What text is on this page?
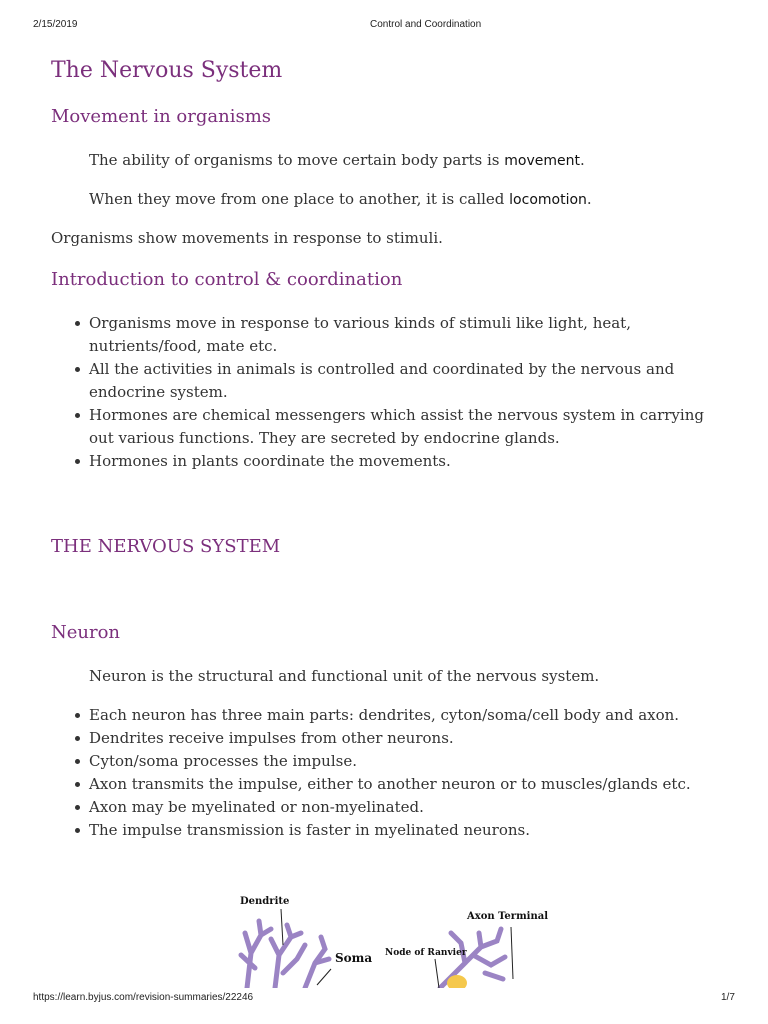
2/15/2019	Control and Coordination
The Nervous System
Movement in organisms

The ability of organisms to move certain body parts is movement.

When they move from one place to another, it is called locomotion.

Organisms show movements in response to stimuli.

Introduction to control & coordination
Organisms move in response to various kinds of stimuli like light, heat, nutrients/food, mate etc.
All the activities in animals is controlled and coordinated by the nervous and endocrine system.
Hormones are chemical messengers which assist the nervous system in carrying out various functions. They are secreted by endocrine glands.
Hormones in plants coordinate the movements.
THE NERVOUS SYSTEM
Neuron

Neuron is the structural and functional unit of the nervous system.

Each neuron has three main parts: dendrites, cyton/soma/cell body and axon.
Dendrites receive impulses from other neurons.
Cyton/soma processes the impulse.
Axon transmits the impulse, either to another neuron or to muscles/glands etc.
Axon may be myelinated or non-myelinated.
The impulse transmission is faster in myelinated neurons.
Dendrite
Soma Node of Ranvier
Axon Terminal
https://learn.byjus.com/revision-summaries/22246	1/7
